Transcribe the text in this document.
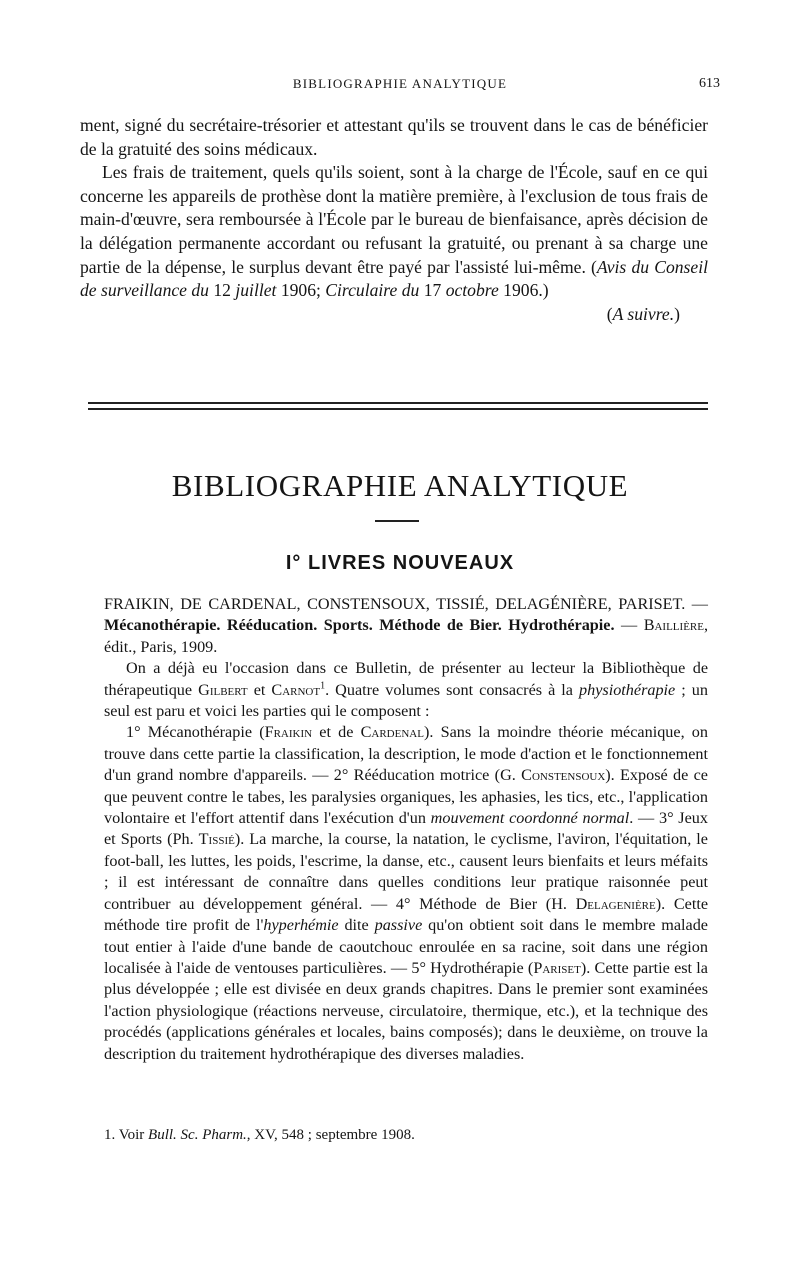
BIBLIOGRAPHIE ANALYTIQUE	613

ment, signé du secrétaire-trésorier et attestant qu'ils se trouvent dans le cas de bénéficier de la gratuité des soins médicaux.

Les frais de traitement, quels qu'ils soient, sont à la charge de l'École, sauf en ce qui concerne les appareils de prothèse dont la matière première, à l'exclusion de tous frais de main-d'œuvre, sera remboursée à l'École par le bureau de bienfaisance, après décision de la délégation permanente accordant ou refusant la gratuité, ou prenant à sa charge une partie de la dépense, le surplus devant être payé par l'assisté lui-même. (Avis du Conseil de surveillance du 12 juillet 1906; Circulaire du 17 octobre 1906.)

(A suivre.)

BIBLIOGRAPHIE ANALYTIQUE
I° LIVRES NOUVEAUX

FRAIKIN, DE CARDENAL, CONSTENSOUX, TISSIÉ, DELAGÉNIÈRE, PARISET. — Mécanothérapie. Rééducation. Sports. Méthode de Bier. Hydrothérapie. — Baillière, édit., Paris, 1909.

On a déjà eu l'occasion dans ce Bulletin, de présenter au lecteur la Bibliothèque de thérapeutique Gilbert et Carnot$^1$. Quatre volumes sont consacrés à la physiothérapie ; un seul est paru et voici les parties qui le composent :

1° Mécanothérapie (Fraikin et de Cardenal). Sans la moindre théorie mécanique, on trouve dans cette partie la classification, la description, le mode d'action et le fonctionnement d'un grand nombre d'appareils. — 2° Rééducation motrice (G. Constensoux). Exposé de ce que peuvent contre le tabes, les paralysies organiques, les aphasies, les tics, etc., l'application volontaire et l'effort attentif dans l'exécution d'un mouvement coordonné normal. — 3° Jeux et Sports (Ph. Tissié). La marche, la course, la natation, le cyclisme, l'aviron, l'équitation, le foot-ball, les luttes, les poids, l'escrime, la danse, etc., causent leurs bienfaits et leurs méfaits ; il est intéressant de connaître dans quelles conditions leur pratique raisonnée peut contribuer au développement général. — 4° Méthode de Bier (H. Delagenière). Cette méthode tire profit de l'hyperhémie dite passive qu'on obtient soit dans le membre malade tout entier à l'aide d'une bande de caoutchouc enroulée en sa racine, soit dans une région localisée à l'aide de ventouses particulières. — 5° Hydrothérapie (Pariset). Cette partie est la plus développée ; elle est divisée en deux grands chapitres. Dans le premier sont examinées l'action physiologique (réactions nerveuse, circulatoire, thermique, etc.), et la technique des procédés (applications générales et locales, bains composés); dans le deuxième, on trouve la description du traitement hydrothérapique des diverses maladies.

1. Voir Bull. Sc. Pharm., XV, 548 ; septembre 1908.
